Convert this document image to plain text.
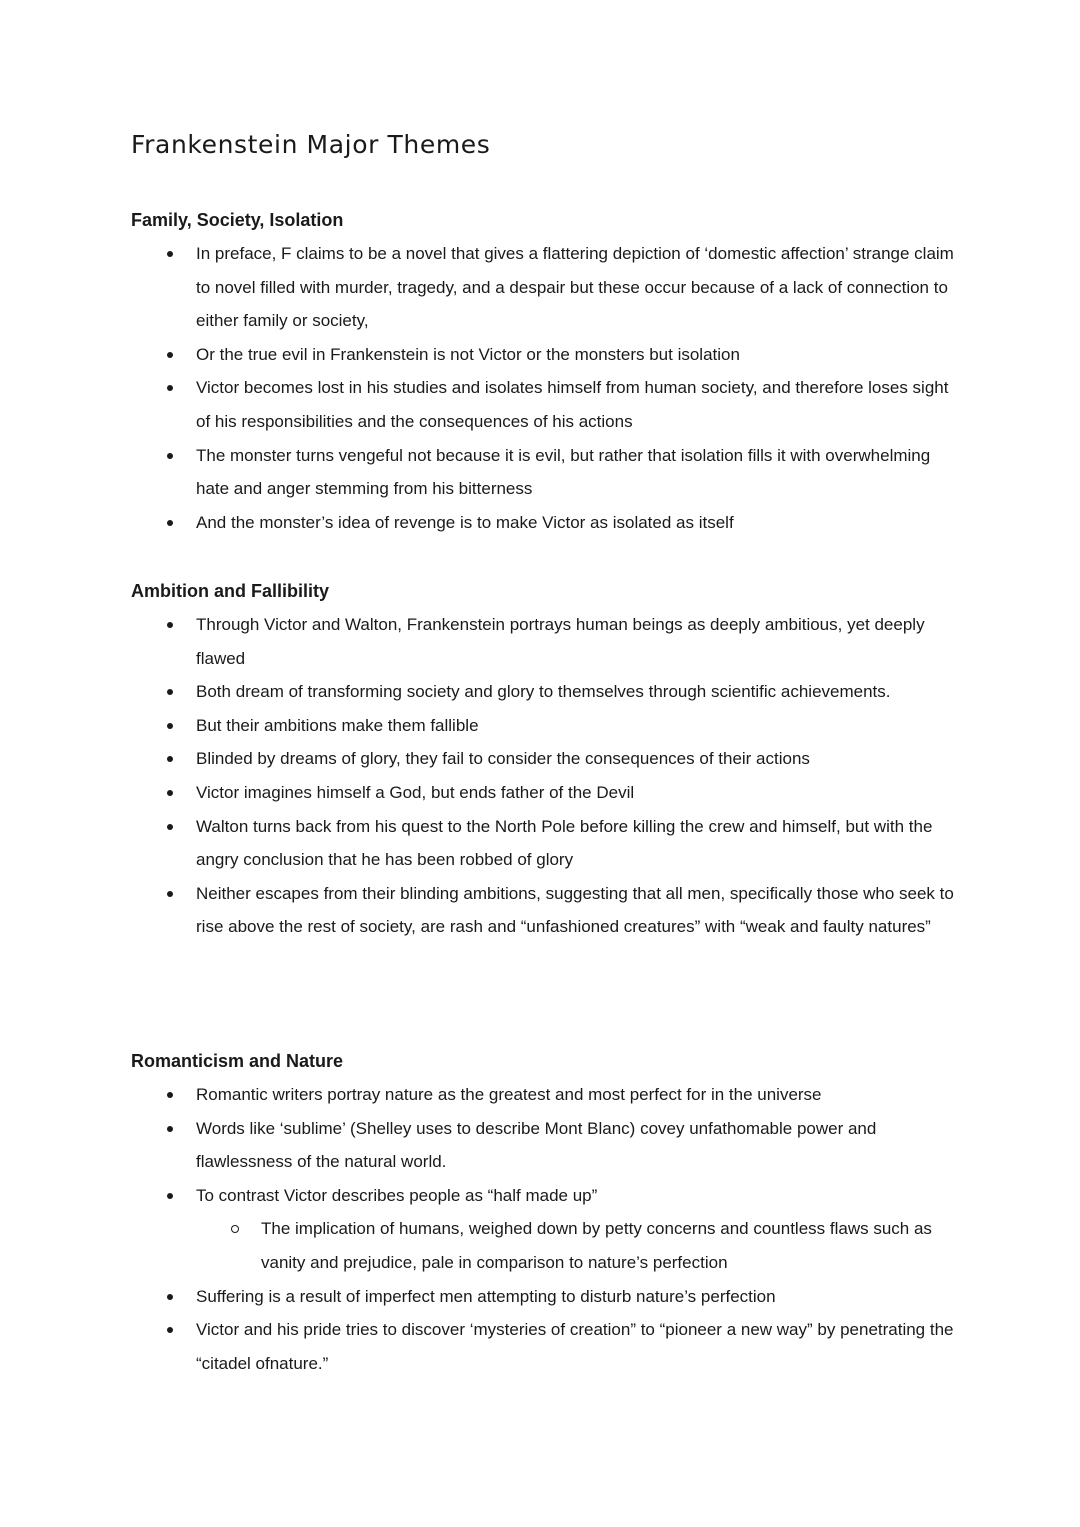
Frankenstein Major Themes
Family, Society, Isolation
In preface, F claims to be a novel that gives a flattering depiction of ‘domestic affection’ strange claim to novel filled with murder, tragedy, and a despair but these occur because of a lack of connection to either family or society,
Or the true evil in Frankenstein is not Victor or the monsters but isolation
Victor becomes lost in his studies and isolates himself from human society, and therefore loses sight of his responsibilities and the consequences of his actions
The monster turns vengeful not because it is evil, but rather that isolation fills it with overwhelming hate and anger stemming from his bitterness
And the monster’s idea of revenge is to make Victor as isolated as itself
Ambition and Fallibility
Through Victor and Walton, Frankenstein portrays human beings as deeply ambitious, yet deeply flawed
Both dream of transforming society and glory to themselves through scientific achievements.
But their ambitions make them fallible
Blinded by dreams of glory, they fail to consider the consequences of their actions
Victor imagines himself a God, but ends father of the Devil
Walton turns back from his quest to the North Pole before killing the crew and himself, but with the angry conclusion that he has been robbed of glory
Neither escapes from their blinding ambitions, suggesting that all men, specifically those who seek to rise above the rest of society, are rash and “unfashioned creatures” with “weak and faulty natures”
Romanticism and Nature
Romantic writers portray nature as the greatest and most perfect for in the universe
Words like ‘sublime’ (Shelley uses to describe Mont Blanc) covey unfathomable power and flawlessness of the natural world.
To contrast Victor describes people as “half made up”
The implication of humans, weighed down by petty concerns and countless flaws such as vanity and prejudice, pale in comparison to nature’s perfection
Suffering is a result of imperfect men attempting to disturb nature’s perfection
Victor and his pride tries to discover ‘mysteries of creation” to “pioneer a new way” by penetrating the “citadel ofnature.”
